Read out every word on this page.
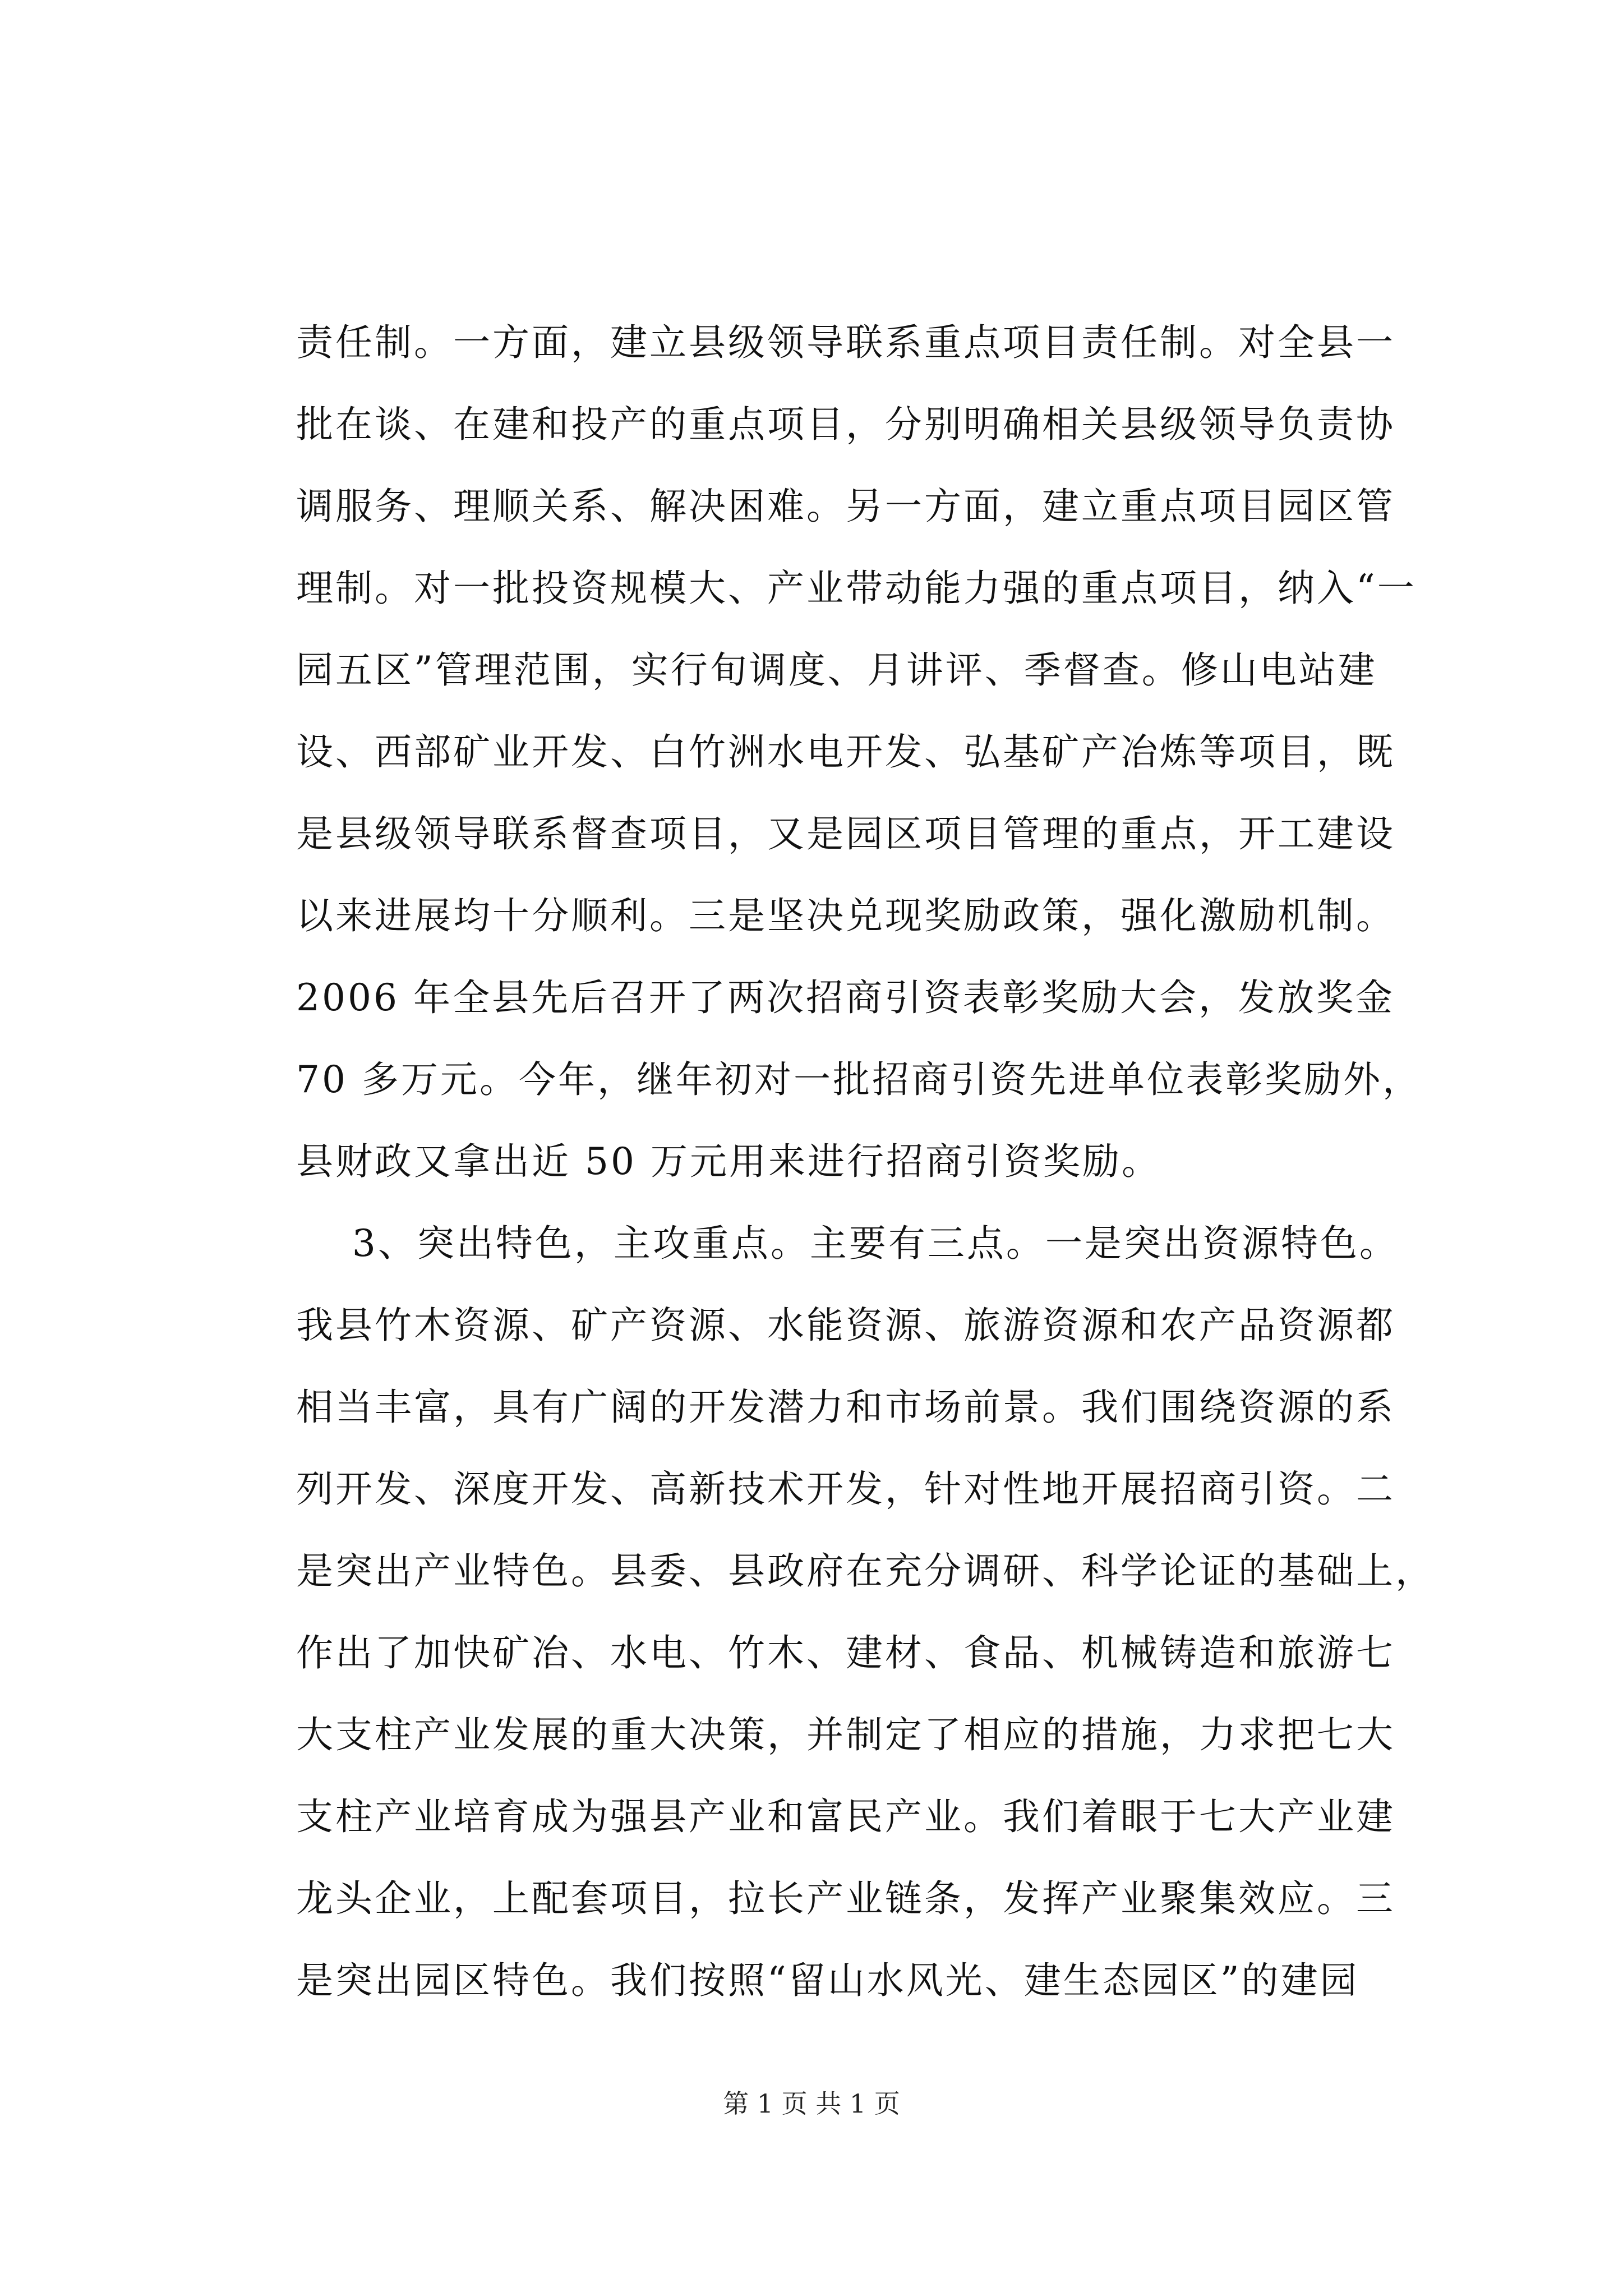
责任制。一方面，建立县级领导联系重点项目责任制。对全县一
批在谈、在建和投产的重点项目，分别明确相关县级领导负责协
调服务、理顺关系、解决困难。另一方面，建立重点项目园区管
理制。对一批投资规模大、产业带动能力强的重点项目，纳入“一
园五区”管理范围，实行旬调度、月讲评、季督查。修山电站建
设、西部矿业开发、白竹洲水电开发、弘基矿产冶炼等项目，既
是县级领导联系督查项目，又是园区项目管理的重点，开工建设
以来进展均十分顺利。三是坚决兑现奖励政策，强化激励机制。
2006 年全县先后召开了两次招商引资表彰奖励大会，发放奖金
70 多万元。今年，继年初对一批招商引资先进单位表彰奖励外，
县财政又拿出近 50 万元用来进行招商引资奖励。
3、突出特色，主攻重点。主要有三点。一是突出资源特色。
我县竹木资源、矿产资源、水能资源、旅游资源和农产品资源都
相当丰富，具有广阔的开发潜力和市场前景。我们围绕资源的系
列开发、深度开发、高新技术开发，针对性地开展招商引资。二
是突出产业特色。县委、县政府在充分调研、科学论证的基础上，
作出了加快矿冶、水电、竹木、建材、食品、机械铸造和旅游七
大支柱产业发展的重大决策，并制定了相应的措施，力求把七大
支柱产业培育成为强县产业和富民产业。我们着眼于七大产业建
龙头企业，上配套项目，拉长产业链条，发挥产业聚集效应。三
是突出园区特色。我们按照“留山水风光、建生态园区”的建园
第 1 页 共 1 页
